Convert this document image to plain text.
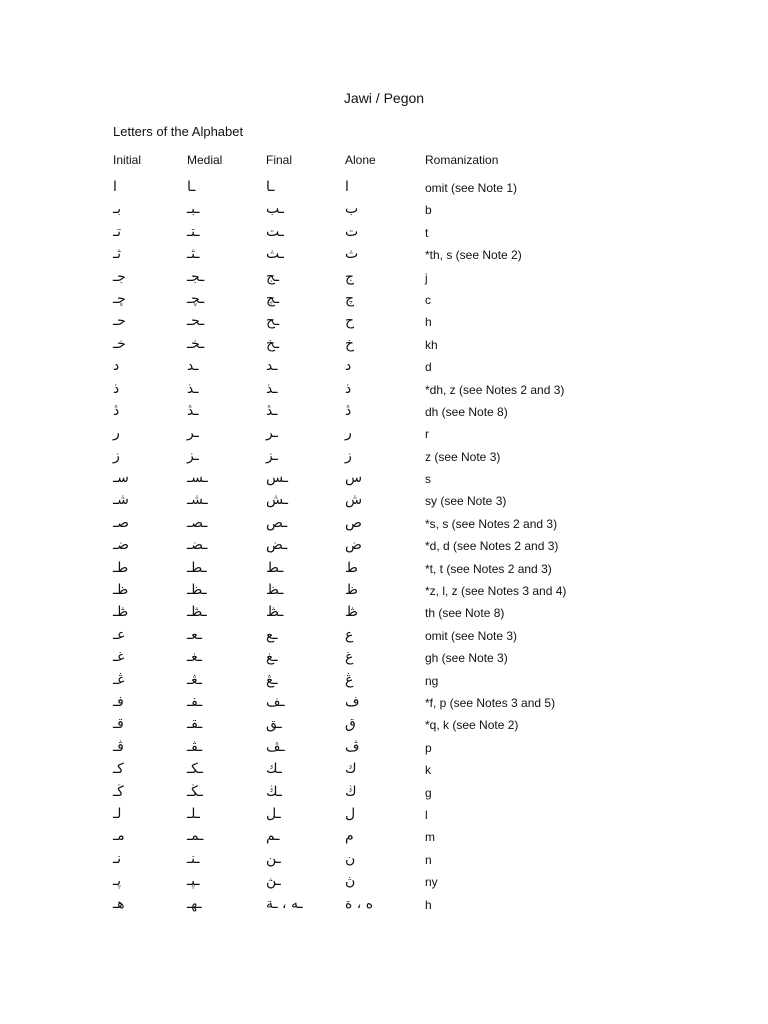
Jawi / Pegon
Letters of the Alphabet
Initial	Medial	Final	Alone	Romanization
ا	ـا	ـا	ا	omit (see Note 1)
بـ	ـبـ	ـب	ب	b
تـ	ـتـ	ـت	ت	t
ثـ	ـثـ	ـث	ث	*th, s (see Note 2)
جـ	ـجـ	ـج	ج	j
چـ	ـچـ	ـچ	چ	c
حـ	ـحـ	ـح	ح	h
خـ	ـخـ	ـخ	خ	kh
د	ـد	ـد	د	d
ذ	ـذ	ـذ	ذ	*dh, z (see Notes 2 and 3)
ڎ	ـڎ	ـڎ	ڎ	dh (see Note 8)
ر	ـر	ـر	ر	r
ز	ـز	ـز	ز	z (see Note 3)
سـ	ـسـ	ـس	س	s
شـ	ـشـ	ـش	ش	sy (see Note 3)
صـ	ـصـ	ـص	ص	*s, s (see Notes 2 and 3)
ضـ	ـضـ	ـض	ض	*d, d (see Notes 2 and 3)
طـ	ـطـ	ـط	ط	*t, t (see Notes 2 and 3)
ظـ	ـظـ	ـظ	ظ	*z, l, z (see Notes 3 and 4)
ڟـ	ـڟـ	ـڟ	ڟ	th (see Note 8)
عـ	ـعـ	ـع	ع	omit (see Note 3)
غـ	ـغـ	ـغ	غ	gh (see Note 3)
ڠـ	ـڠـ	ـڠ	ڠ	ng
فـ	ـفـ	ـف	ف	*f, p (see Notes 3 and 5)
قـ	ـقـ	ـق	ق	*q, k (see Note 2)
ڤـ	ـڤـ	ـڤ	ڤ	p
كـ	ـكـ	ـك	ك	k
ڬـ	ـڬـ	ـڬ	ڬ	g
لـ	ـلـ	ـل	ل	l
مـ	ـمـ	ـم	م	m
نـ	ـنـ	ـن	ن	n
ڽـ	ـڽـ	ـڽ	ڽ	ny
هـ	ـهـ	ـه ، ـة	ه ، ة	h
